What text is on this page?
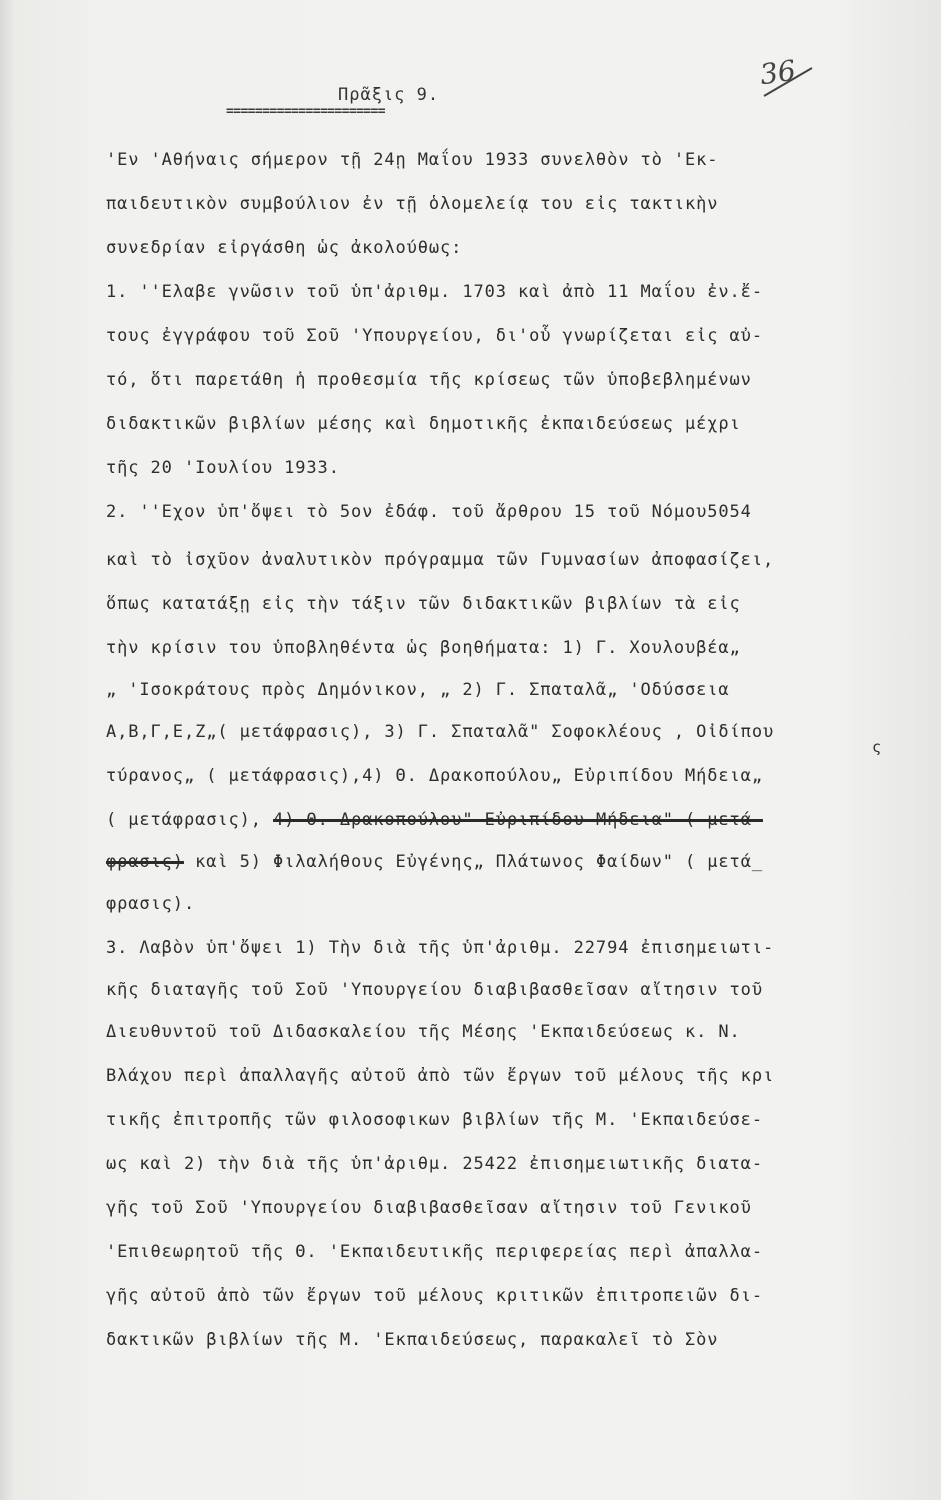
36
Πρᾶξις 9.
======================
'Εν 'Αθήναις σήμερον τῇ 24ῃ Μαΐου 1933 συνελθὸν τὸ 'Εκ-
παιδευτικὸν συμβούλιον ἐν τῇ ὁλομελείᾳ του εἰς τακτικὴν
συνεδρίαν εἰργάσθη ὡς ἀκολούθως:
1. ''Ελαβε γνῶσιν τοῦ ὑπ'ἀριθμ. 1703 καὶ ἀπὸ 11 Μαΐου ἐν.ἔ-
τους ἐγγράφου τοῦ Σοῦ 'Υπουργείου, δι'οὗ γνωρίζεται εἰς αὐ-
τό, ὅτι παρετάθη ἡ προθεσμία τῆς κρίσεως τῶν ὑποβεβλημένων
διδακτικῶν βιβλίων μέσης καὶ δημοτικῆς ἐκπαιδεύσεως μέχρι
τῆς 20 'Ιουλίου 1933.
2. ''Εχον ὑπ'ὄψει τὸ 5ον ἐδάφ. τοῦ ἄρθρου 15 τοῦ Νόμου5054
καὶ τὸ ἰσχῦον ἀναλυτικὸν πρόγραμμα τῶν Γυμνασίων ἀποφασίζει,
ὅπως κατατάξῃ εἰς τὴν τάξιν τῶν διδακτικῶν βιβλίων τὰ εἰς
τὴν κρίσιν του ὑποβληθέντα ὡς βοηθήματα: 1) Γ. Χουλουβέα„
„ 'Ισοκράτους πρὸς Δημόνικον, „ 2) Γ. Σπαταλᾶ„ 'Οδύσσεια
Α,Β,Γ,Ε,Ζ„( μετάφρασις), 3) Γ. Σπαταλᾶ" Σοφοκλέους , Οἰδίπου
ς
τύρανος„ ( μετάφρασις),4) Θ. Δρακοπούλου„ Εὐριπίδου Μήδεια„
( μετάφρασις), 4) Θ. Δρακοπούλου" Εὐριπίδου Μήδεια" ( μετά-
φρασις) καὶ 5) Φιλαλήθους Εὐγένης„ Πλάτωνος Φαίδων" ( μετά_
φρασις).
3. Λαβὸν ὑπ'ὄψει 1) Τὴν διὰ τῆς ὑπ'ἀριθμ. 22794 ἐπισημειωτι-
κῆς διαταγῆς τοῦ Σοῦ 'Υπουργείου διαβιβασθεῖσαν αἴτησιν τοῦ
Διευθυντοῦ τοῦ Διδασκαλείου τῆς Μέσης 'Εκπαιδεύσεως κ. Ν.
Βλάχου περὶ ἀπαλλαγῆς αὐτοῦ ἀπὸ τῶν ἔργων τοῦ μέλους τῆς κρι
τικῆς ἐπιτροπῆς τῶν φιλοσοφικων βιβλίων τῆς Μ. 'Εκπαιδεύσε-
ως καὶ 2) τὴν διὰ τῆς ὑπ'ἀριθμ. 25422 ἐπισημειωτικῆς διατα-
γῆς τοῦ Σοῦ 'Υπουργείου διαβιβασθεῖσαν αἴτησιν τοῦ Γενικοῦ
'Επιθεωρητοῦ τῆς Θ. 'Εκπαιδευτικῆς περιφερείας περὶ ἀπαλλα-
γῆς αὐτοῦ ἀπὸ τῶν ἔργων τοῦ μέλους κριτικῶν ἐπιτροπειῶν δι-
δακτικῶν βιβλίων τῆς Μ. 'Εκπαιδεύσεως, παρακαλεῖ τὸ Σὸν
